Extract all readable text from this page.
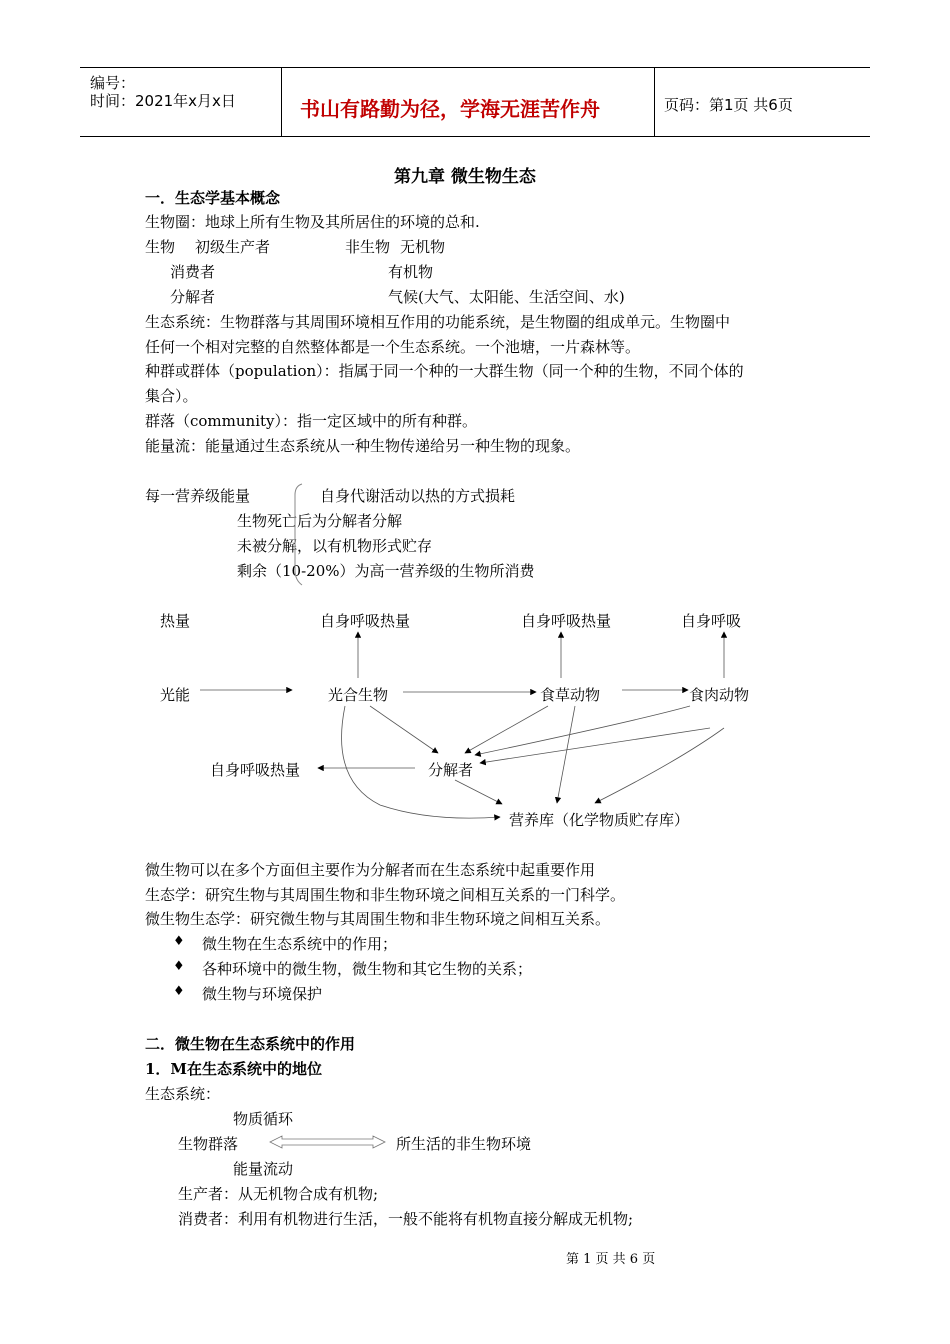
编号：
时间：2021年x月x日	书山有路勤为径，学海无涯苦作舟	页码：第1页 共6页
第九章 微生物生态
一．生态学基本概念
生物圈：地球上所有生物及其所居住的环境的总和.
生物 初级生产者	非生物 无机物
消费者	有机物
分解者	气候(大气、太阳能、生活空间、水)
生态系统：生物群落与其周围环境相互作用的功能系统，是生物圈的组成单元。生物圈中
任何一个相对完整的自然整体都是一个生态系统。一个池塘，一片森林等。
种群或群体（population）：指属于同一个种的一大群生物（同一个种的生物，不同个体的
集合）。
群落（community）：指一定区域中的所有种群。
能量流：能量通过生态系统从一种生物传递给另一种生物的现象。
每一营养级能量	自身代谢活动以热的方式损耗
生物死亡后为分解者分解
未被分解，以有机物形式贮存
剩余（10-20%）为高一营养级的生物所消费
热量	自身呼吸热量	自身呼吸热量	自身呼吸
光能	光合生物	食草动物	食肉动物
自身呼吸热量	分解者
营养库（化学物质贮存库）
微生物可以在多个方面但主要作为分解者而在生态系统中起重要作用
生态学：研究生物与其周围生物和非生物环境之间相互关系的一门科学。
微生物生态学：研究微生物与其周围生物和非生物环境之间相互关系。
♦ 微生物在生态系统中的作用；
♦ 各种环境中的微生物，微生物和其它生物的关系；
♦ 微生物与环境保护
二．微生物在生态系统中的作用
1．M在生态系统中的地位
生态系统：
物质循环
生物群落	所生活的非生物环境
能量流动
生产者：从无机物合成有机物;
消费者：利用有机物进行生活，一般不能将有机物直接分解成无机物;
第 1 页 共 6 页
